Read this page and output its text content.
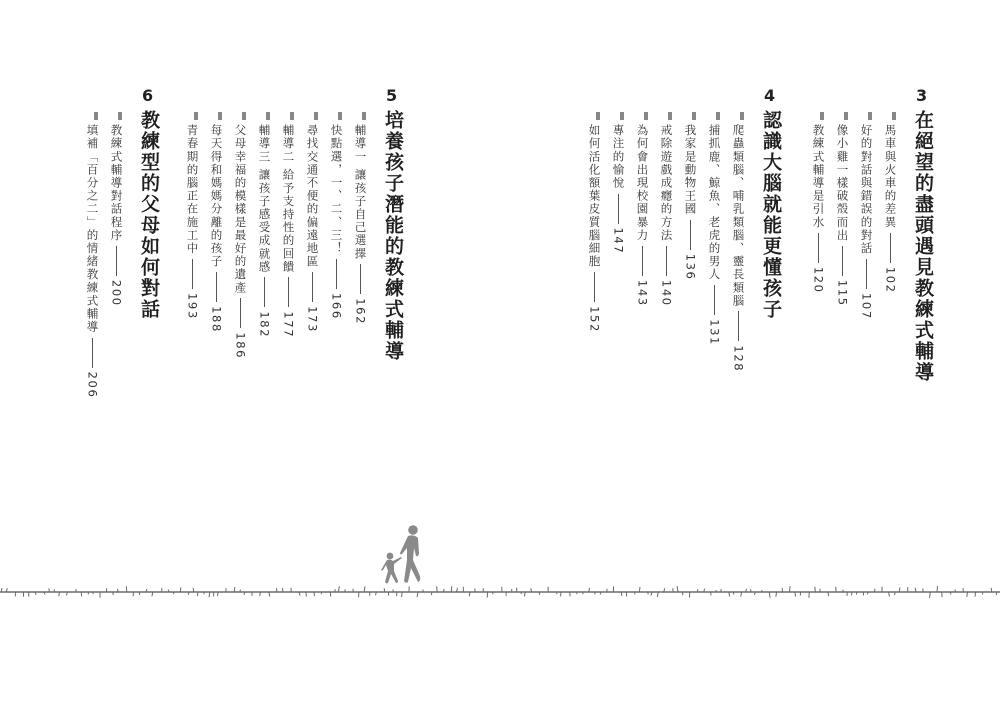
3
在絕望的盡頭遇見教練式輔導
馬車與火車的差異102
好的對話與錯誤的對話107
像小雞一樣破殼而出115
教練式輔導是引水120
4
認識大腦就能更懂孩子
爬蟲類腦、哺乳類腦、靈長類腦128
捕抓鹿、鯨魚、老虎的男人131
我家是動物王國136
戒除遊戲成癮的方法140
為何會出現校園暴力143
專注的愉悅147
如何活化額葉皮質腦細胞152
5
培養孩子潛能的教練式輔導
輔導一 讓孩子自己選擇162
快點選，一、二、三！166
尋找交通不便的偏遠地區173
輔導二 給予支持性的回饋177
輔導三 讓孩子感受成就感182
父母幸福的模樣是最好的遺產186
每天得和媽媽分離的孩子188
青春期的腦正在施工中193
6
教練型的父母如何對話
教練式輔導對話程序200
填補「百分之二」的情緒教練式輔導206
